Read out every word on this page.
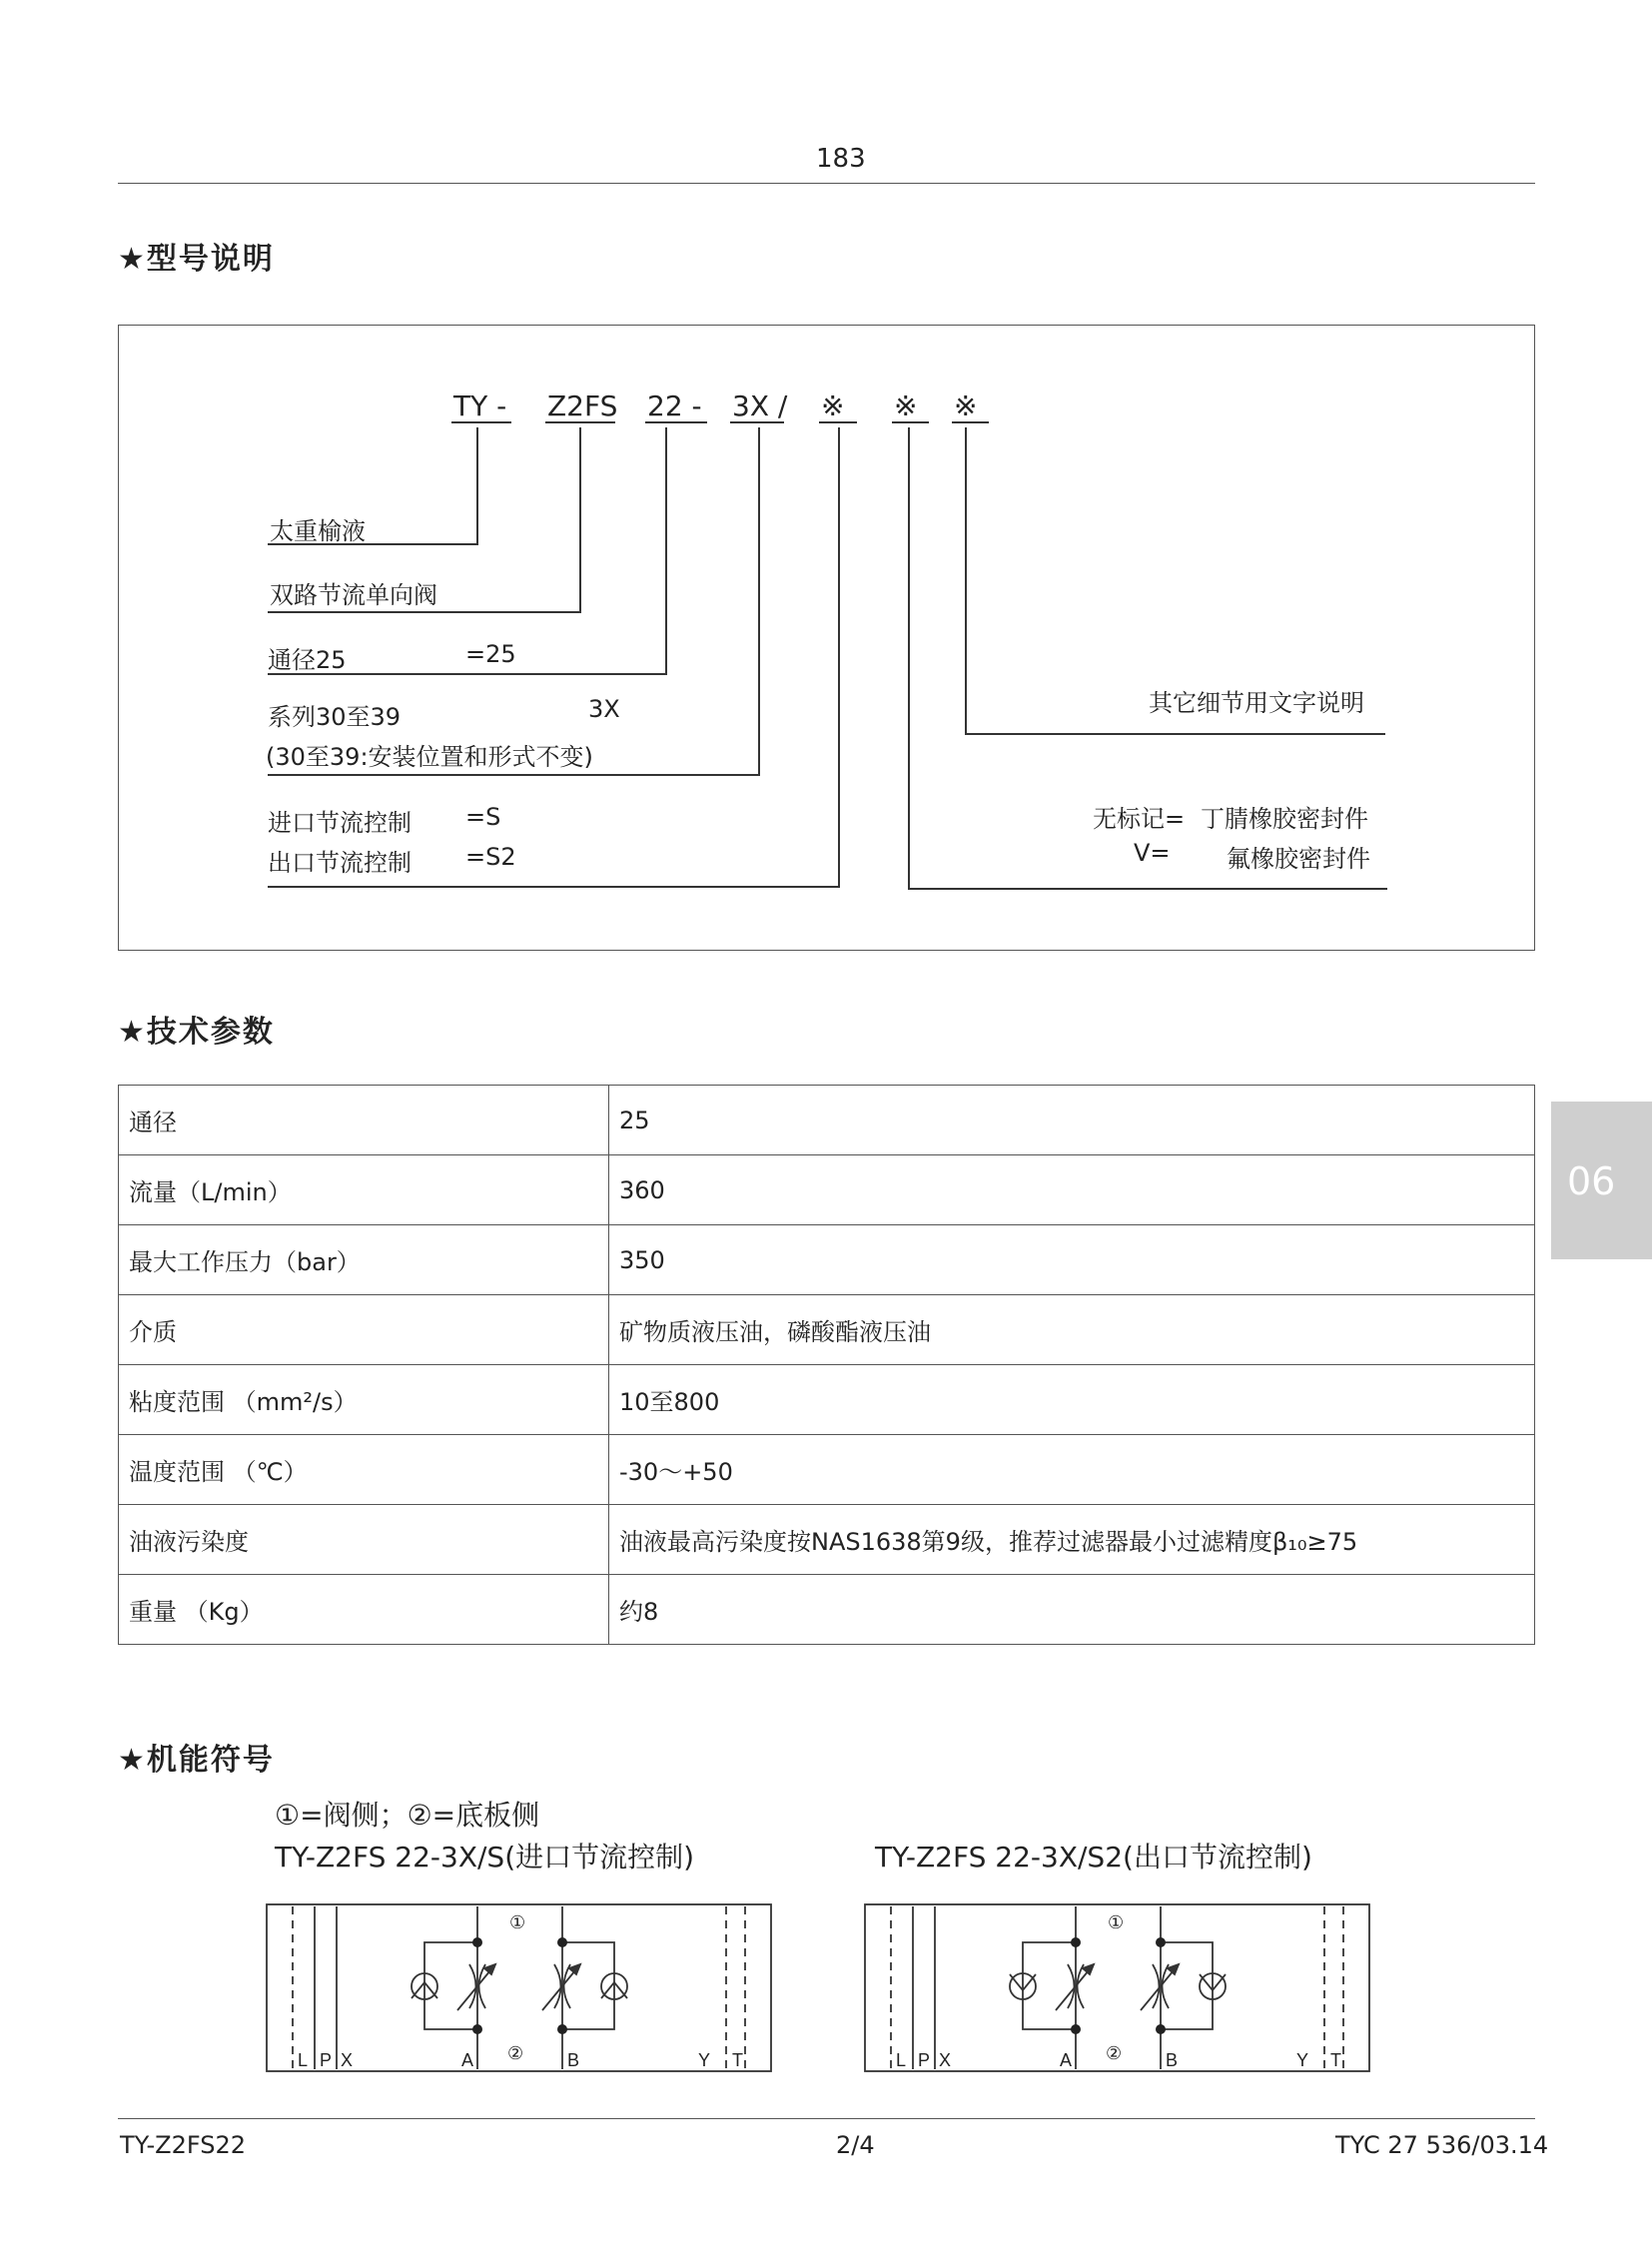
183
★型号说明
TY - Z2FS 22 - 3X / ※ ※ ※
太重榆液
双路节流单向阀
通径25	=25
系列30至39	3X
(30至39:安装位置和形式不变)
进口节流控制 =S
出口节流控制 =S2
其它细节用文字说明
无标记= 丁腈橡胶密封件
V= 氟橡胶密封件
★技术参数
通径	25
流量（L/min）	360
最大工作压力（bar）	350
介质	矿物质液压油，磷酸酯液压油
粘度范围 （mm²/s）	10至800
温度范围 （℃）	-30～+50
油液污染度	油液最高污染度按NAS1638第9级，推荐过滤器最小过滤精度β₁₀≥75
重量 （Kg）	约8
06
★机能符号
①=阀侧；②=底板侧
TY-Z2FS 22-3X/S(进口节流控制)	TY-Z2FS 22-3X/S2(出口节流控制)
①
②
L P X	A	B	Y T
①
②
L P X	A	B	Y T
TY-Z2FS22	2/4	TYC 27 536/03.14
